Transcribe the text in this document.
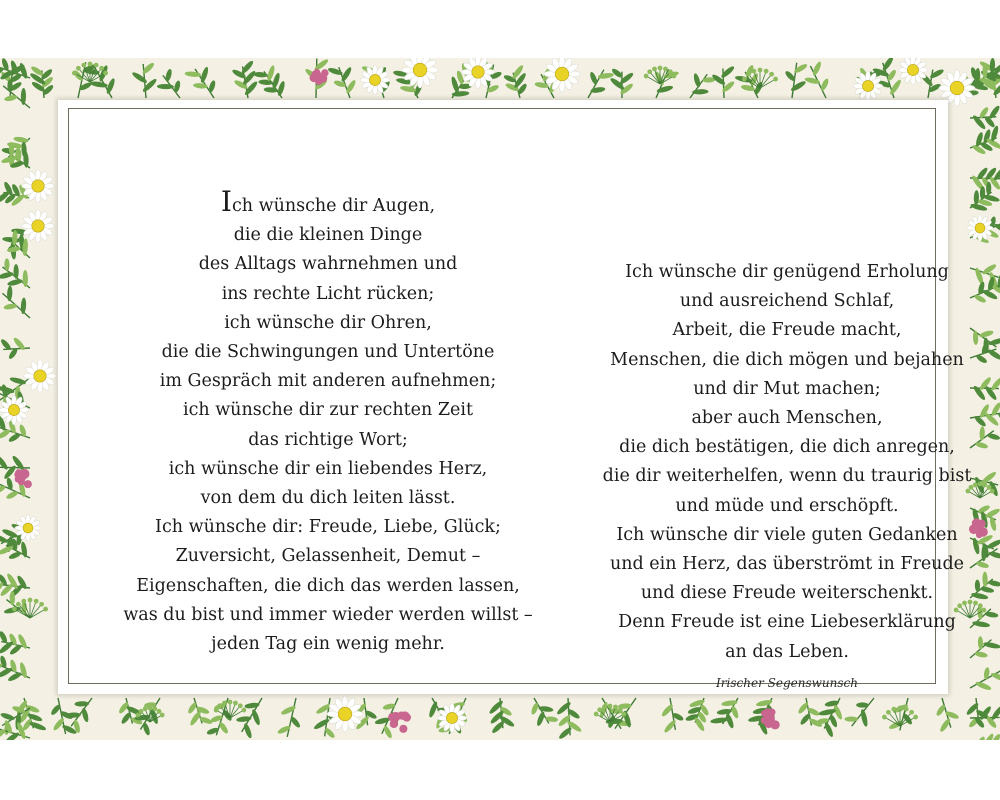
Ich wünsche dir Augen,
die die kleinen Dinge
des Alltags wahrnehmen und
ins rechte Licht rücken;
ich wünsche dir Ohren,
die die Schwingungen und Untertöne
im Gespräch mit anderen aufnehmen;
ich wünsche dir zur rechten Zeit
das richtige Wort;
ich wünsche dir ein liebendes Herz,
von dem du dich leiten lässt.
Ich wünsche dir: Freude, Liebe, Glück;
Zuversicht, Gelassenheit, Demut –
Eigenschaften, die dich das werden lassen,
was du bist und immer wieder werden willst –
jeden Tag ein wenig mehr.
Ich wünsche dir genügend Erholung
und ausreichend Schlaf,
Arbeit, die Freude macht,
Menschen, die dich mögen und bejahen
und dir Mut machen;
aber auch Menschen,
die dich bestätigen, die dich anregen,
die dir weiterhelfen, wenn du traurig bist
und müde und erschöpft.
Ich wünsche dir viele guten Gedanken
und ein Herz, das überströmt in Freude
und diese Freude weiterschenkt.
Denn Freude ist eine Liebeserklärung
an das Leben.
Irischer Segenswunsch
